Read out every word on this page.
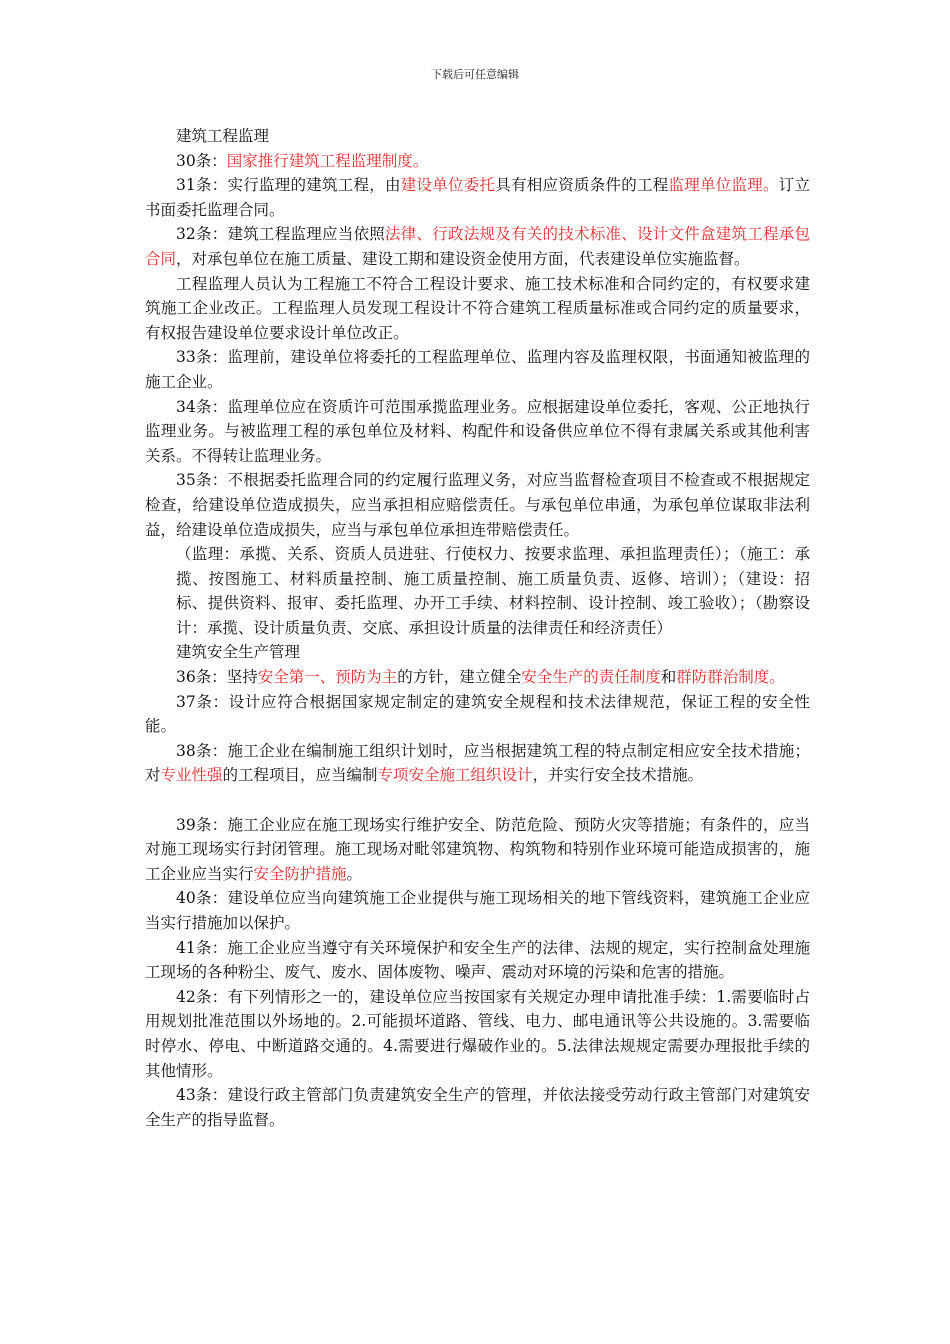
下载后可任意编辑

建筑工程监理

30条：国家推行建筑工程监理制度。

31条：实行监理的建筑工程，由建设单位委托具有相应资质条件的工程监理单位监理。订立书面委托监理合同。

32条：建筑工程监理应当依照法律、行政法规及有关的技术标准、设计文件盒建筑工程承包合同，对承包单位在施工质量、建设工期和建设资金使用方面，代表建设单位实施监督。

工程监理人员认为工程施工不符合工程设计要求、施工技术标准和合同约定的，有权要求建筑施工企业改正。工程监理人员发现工程设计不符合建筑工程质量标准或合同约定的质量要求，有权报告建设单位要求设计单位改正。

33条：监理前，建设单位将委托的工程监理单位、监理内容及监理权限，书面通知被监理的施工企业。

34条：监理单位应在资质许可范围承揽监理业务。应根据建设单位委托，客观、公正地执行监理业务。与被监理工程的承包单位及材料、构配件和设备供应单位不得有隶属关系或其他利害关系。不得转让监理业务。

35条：不根据委托监理合同的约定履行监理义务，对应当监督检查项目不检查或不根据规定检查，给建设单位造成损失，应当承担相应赔偿责任。与承包单位串通，为承包单位谋取非法利益，给建设单位造成损失，应当与承包单位承担连带赔偿责任。

（监理：承揽、关系、资质人员进驻、行使权力、按要求监理、承担监理责任）；（施工：承揽、按图施工、材料质量控制、施工质量控制、施工质量负责、返修、培训）；（建设：招标、提供资料、报审、委托监理、办开工手续、材料控制、设计控制、竣工验收）；（勘察设计：承揽、设计质量负责、交底、承担设计质量的法律责任和经济责任）

建筑安全生产管理

36条：坚持安全第一、预防为主的方针，建立健全安全生产的责任制度和群防群治制度。

37条：设计应符合根据国家规定制定的建筑安全规程和技术法律规范，保证工程的安全性能。

38条：施工企业在编制施工组织计划时，应当根据建筑工程的特点制定相应安全技术措施；对专业性强的工程项目，应当编制专项安全施工组织设计，并实行安全技术措施。

39条：施工企业应在施工现场实行维护安全、防范危险、预防火灾等措施；有条件的，应当对施工现场实行封闭管理。施工现场对毗邻建筑物、构筑物和特别作业环境可能造成损害的，施工企业应当实行安全防护措施。

40条：建设单位应当向建筑施工企业提供与施工现场相关的地下管线资料，建筑施工企业应当实行措施加以保护。

41条：施工企业应当遵守有关环境保护和安全生产的法律、法规的规定，实行控制盒处理施工现场的各种粉尘、废气、废水、固体废物、噪声、震动对环境的污染和危害的措施。

42条：有下列情形之一的，建设单位应当按国家有关规定办理申请批准手续：1.需要临时占用规划批准范围以外场地的。2.可能损坏道路、管线、电力、邮电通讯等公共设施的。3.需要临时停水、停电、中断道路交通的。4.需要进行爆破作业的。5.法律法规规定需要办理报批手续的其他情形。

43条：建设行政主管部门负责建筑安全生产的管理，并依法接受劳动行政主管部门对建筑安全生产的指导监督。
